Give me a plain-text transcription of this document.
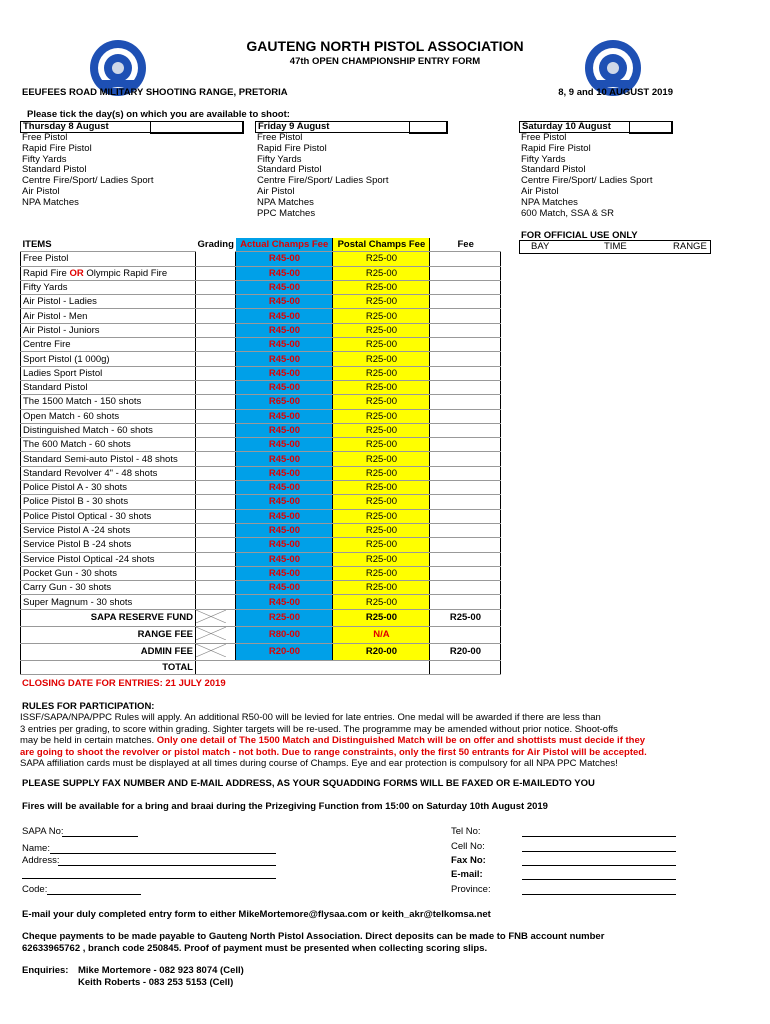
GAUTENG NORTH PISTOL ASSOCIATION
47th OPEN CHAMPIONSHIP ENTRY FORM
EEUFEES ROAD MILITARY SHOOTING RANGE, PRETORIA	8, 9 and 10 AUGUST 2019
Please tick the day(s) on which you are available to shoot:
Thursday 8 August
Free Pistol
Rapid Fire Pistol
Fifty Yards
Standard Pistol
Centre Fire/Sport/ Ladies Sport
Air Pistol
NPA Matches
Friday 9 August
Free Pistol
Rapid Fire Pistol
Fifty Yards
Standard Pistol
Centre Fire/Sport/ Ladies Sport
Air Pistol
NPA Matches
PPC Matches
Saturday 10 August
Free Pistol
Rapid Fire Pistol
Fifty Yards
Standard Pistol
Centre Fire/Sport/ Ladies Sport
Air Pistol
NPA Matches
600 Match, SSA & SR
FOR OFFICIAL USE ONLY
BAY	TIME	RANGE
ITEMS	Grading	Actual Champs Fee	Postal Champs Fee	Fee
Free Pistol		R45-00	R25-00	
Rapid Fire OR Olympic Rapid Fire		R45-00	R25-00	
Fifty Yards		R45-00	R25-00	
Air Pistol - Ladies		R45-00	R25-00	
Air Pistol - Men		R45-00	R25-00	
Air Pistol - Juniors		R45-00	R25-00	
Centre Fire		R45-00	R25-00	
Sport Pistol (1 000g)		R45-00	R25-00	
Ladies Sport Pistol		R45-00	R25-00	
Standard Pistol		R45-00	R25-00	
The 1500 Match - 150 shots		R65-00	R25-00	
Open Match - 60 shots		R45-00	R25-00	
Distinguished Match - 60 shots		R45-00	R25-00	
The 600 Match - 60 shots		R45-00	R25-00	
Standard Semi-auto Pistol - 48 shots		R45-00	R25-00	
Standard Revolver 4" - 48 shots		R45-00	R25-00	
Police Pistol A - 30 shots		R45-00	R25-00	
Police Pistol B - 30 shots		R45-00	R25-00	
Police Pistol Optical - 30 shots		R45-00	R25-00	
Service Pistol A -24 shots		R45-00	R25-00	
Service Pistol B -24 shots		R45-00	R25-00	
Service Pistol Optical -24 shots		R45-00	R25-00	
Pocket Gun - 30 shots		R45-00	R25-00	
Carry Gun - 30 shots		R45-00	R25-00	
Super Magnum - 30 shots		R45-00	R25-00	
SAPA RESERVE FUND		R25-00	R25-00	R25-00
RANGE FEE		R80-00	N/A	
ADMIN FEE		R20-00	R20-00	R20-00
TOTAL				
CLOSING DATE FOR ENTRIES: 21 JULY 2019
RULES FOR PARTICIPATION:
ISSF/SAPA/NPA/PPC Rules will apply. An additional R50-00 will be levied for late entries. One medal will be awarded if there are less than
3 entries per grading, to score within grading. Sighter targets will be re-used. The programme may be amended without prior notice. Shoot-offs
may be held in certain matches. Only one detail of The 1500 Match and Distinguished Match will be on offer and shottists must decide if they
are going to shoot the revolver or pistol match - not both. Due to range constraints, only the first 50 entrants for Air Pistol will be accepted.
SAPA affiliation cards must be displayed at all times during course of Champs. Eye and ear protection is compulsory for all NPA PPC Matches!
PLEASE SUPPLY FAX NUMBER AND E-MAIL ADDRESS, AS YOUR SQUADDING FORMS WILL BE FAXED OR E-MAILEDTO YOU
Fires will be available for a bring and braai during the Prizegiving Function from 15:00 on Saturday 10th August 2019
SAPA No:
Name:
Address:
Code:
Tel No:
Cell No:
Fax No:
E-mail:
Province:
E-mail your duly completed entry form to either MikeMortemore@flysaa.com or keith_akr@telkomsa.net
Cheque payments to be made payable to Gauteng North Pistol Association. Direct deposits can be made to FNB account number
62633965762 , branch code 250845. Proof of payment must be presented when collecting scoring slips.
Enquiries: Mike Mortemore - 082 923 8074 (Cell)
Keith Roberts - 083 253 5153 (Cell)
